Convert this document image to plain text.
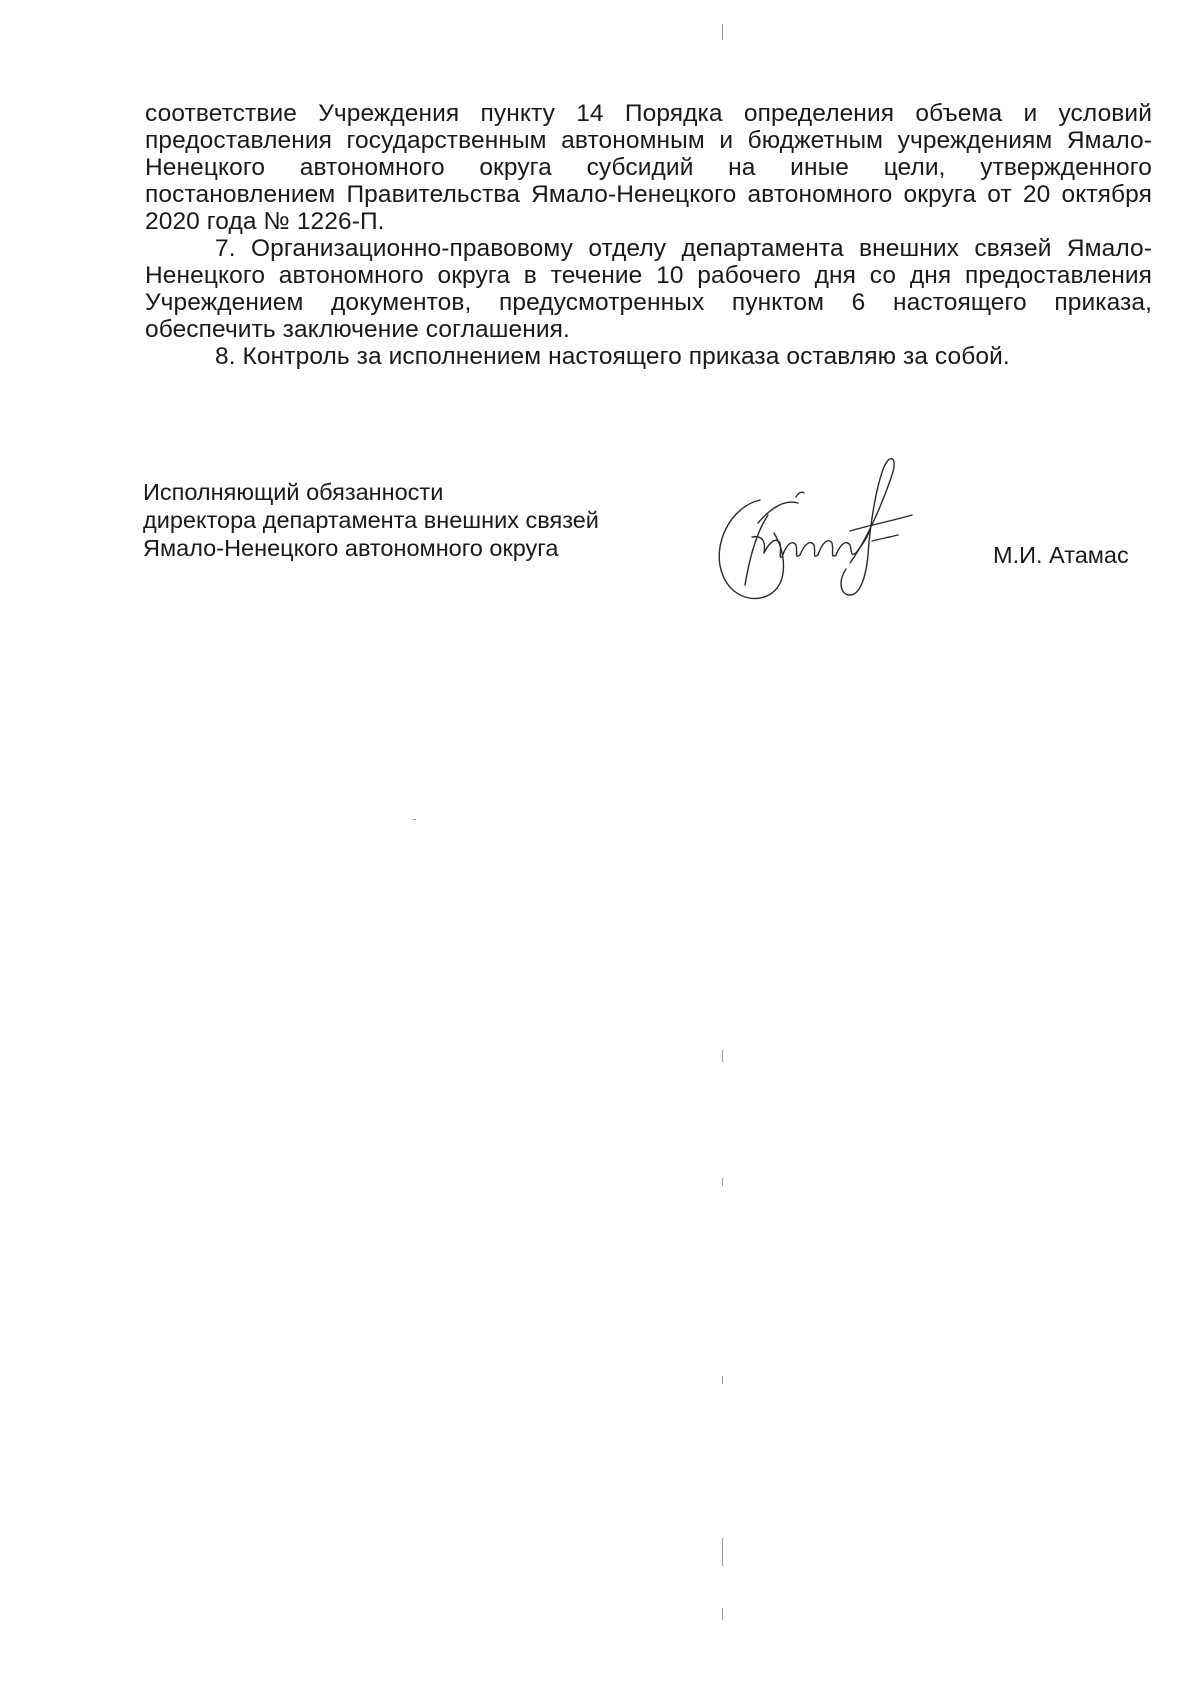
соответствие Учреждения пункту 14 Порядка определения объема и условий предоставления государственным автономным и бюджетным учреждениям Ямало-Ненецкого автономного округа субсидий на иные цели, утвержденного постановлением Правительства Ямало-Ненецкого автономного округа от 20 октября 2020 года № 1226-П.

7. Организационно-правовому отделу департамента внешних связей Ямало-Ненецкого автономного округа в течение 10 рабочего дня со дня предоставления Учреждением документов, предусмотренных пунктом 6 настоящего приказа, обеспечить заключение соглашения.

8. Контроль за исполнением настоящего приказа оставляю за собой.

Исполняющий обязанности
директора департамента внешних связей
Ямало-Ненецкого автономного округа	М.И. Атамас
